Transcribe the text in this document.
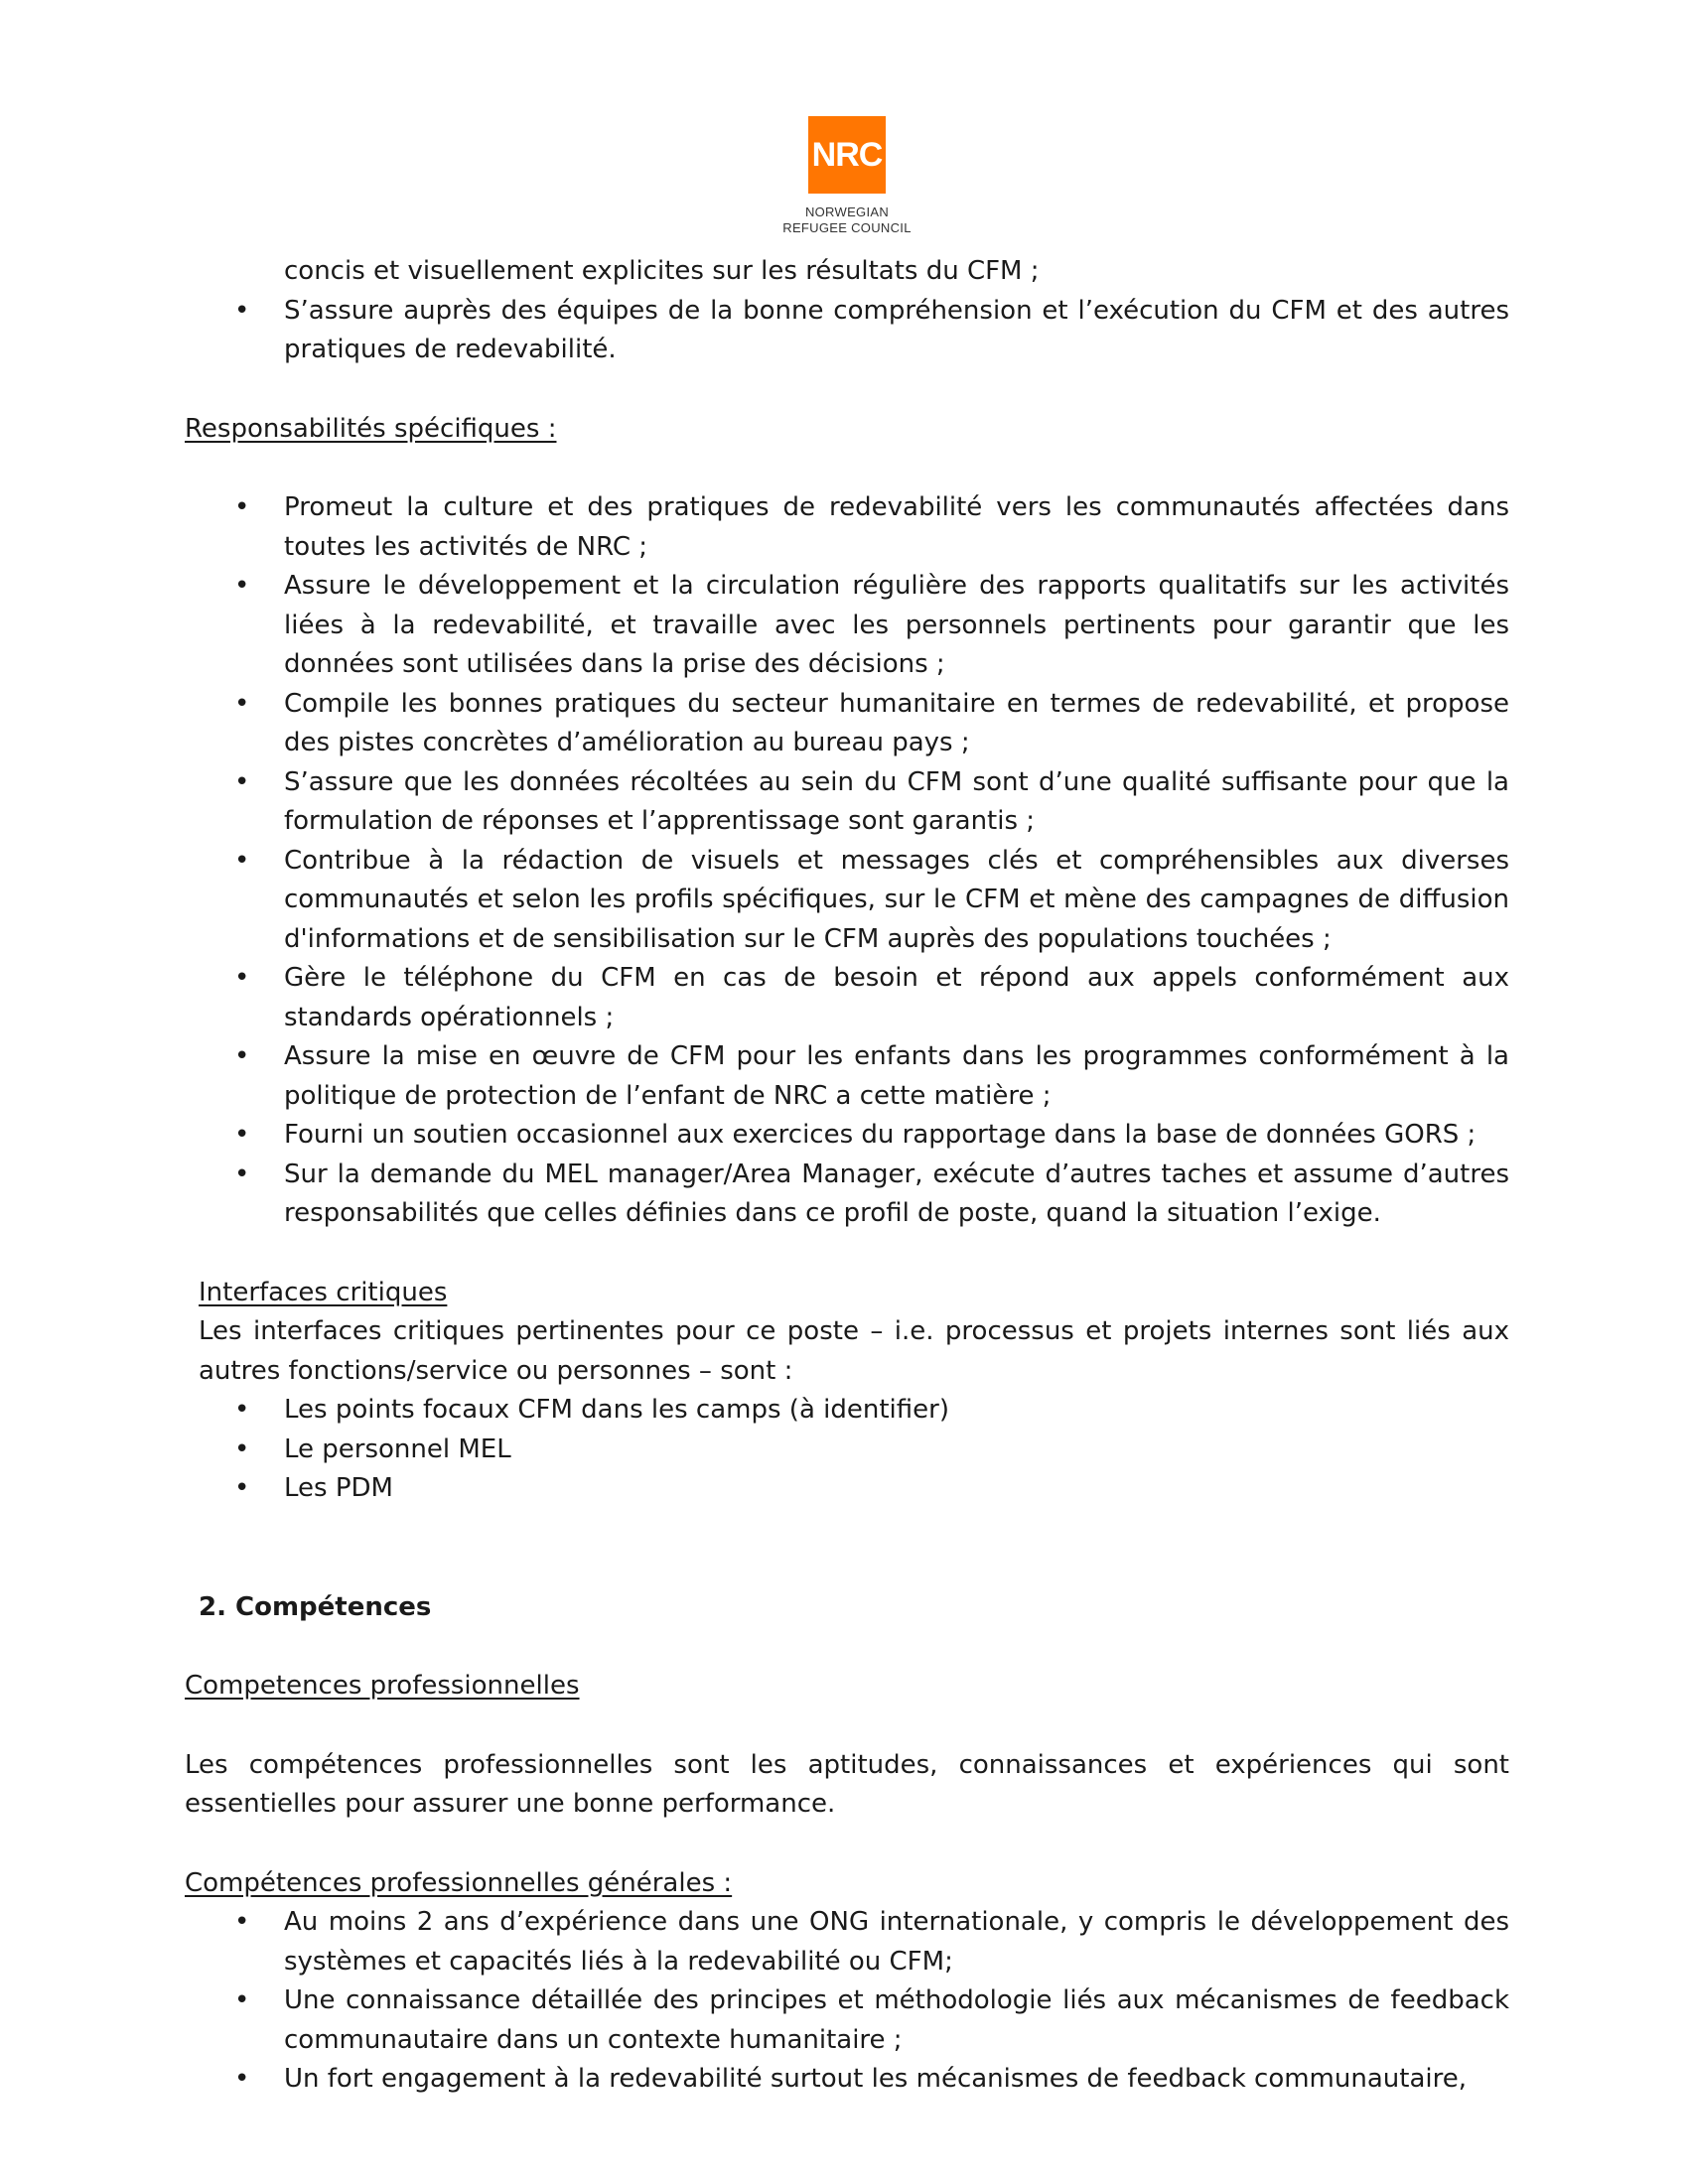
NRC
NORWEGIAN
REFUGEE COUNCIL

concis et visuellement explicites sur les résultats du CFM ;

• S’assure auprès des équipes de la bonne compréhension et l’exécution du CFM et des autres pratiques de redevabilité.

Responsabilités spécifiques :

• Promeut la culture et des pratiques de redevabilité vers les communautés affectées dans toutes les activités de NRC ;
• Assure le développement et la circulation régulière des rapports qualitatifs sur les activités liées à la redevabilité, et travaille avec les personnels pertinents pour garantir que les données sont utilisées dans la prise des décisions ;
• Compile les bonnes pratiques du secteur humanitaire en termes de redevabilité, et propose des pistes concrètes d’amélioration au bureau pays ;
• S’assure que les données récoltées au sein du CFM sont d’une qualité suffisante pour que la formulation de réponses et l’apprentissage sont garantis ;
• Contribue à la rédaction de visuels et messages clés et compréhensibles aux diverses communautés et selon les profils spécifiques, sur le CFM et mène des campagnes de diffusion d'informations et de sensibilisation sur le CFM auprès des populations touchées ;
• Gère le téléphone du CFM en cas de besoin et répond aux appels conformément aux standards opérationnels ;
• Assure la mise en œuvre de CFM pour les enfants dans les programmes conformément à la politique de protection de l’enfant de NRC a cette matière ;
• Fourni un soutien occasionnel aux exercices du rapportage dans la base de données GORS ;
• Sur la demande du MEL manager/Area Manager, exécute d’autres taches et assume d’autres responsabilités que celles définies dans ce profil de poste, quand la situation l’exige.

Interfaces critiques

Les interfaces critiques pertinentes pour ce poste – i.e. processus et projets internes sont liés aux autres fonctions/service ou personnes – sont :

• Les points focaux CFM dans les camps (à identifier)
• Le personnel MEL
• Les PDM
2. Compétences

Competences professionnelles

Les compétences professionnelles sont les aptitudes, connaissances et expériences qui sont essentielles pour assurer une bonne performance.

Compétences professionnelles générales :

• Au moins 2 ans d’expérience dans une ONG internationale, y compris le développement des systèmes et capacités liés à la redevabilité ou CFM;
• Une connaissance détaillée des principes et méthodologie liés aux mécanismes de feedback communautaire dans un contexte humanitaire ;
• Un fort engagement à la redevabilité surtout les mécanismes de feedback communautaire,
